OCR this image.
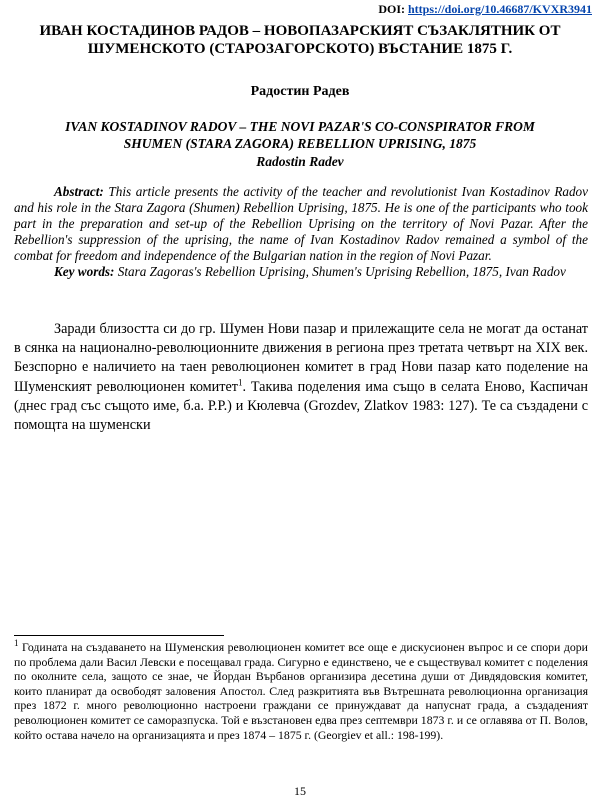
DOI: https://doi.org/10.46687/KVXR3941
ИВАН КОСТАДИНОВ РАДОВ – НОВОПАЗАРСКИЯТ СЪЗАКЛЯТНИК ОТ
ШУМЕНСКОТО (СТАРОЗАГОРСКОТО) ВЪСТАНИЕ 1875 Г.
Радостин Радев
IVAN KOSTADINOV RADOV – THE NOVI PAZAR'S CO-CONSPIRATOR FROM SHUMEN (STARA ZAGORA) REBELLION UPRISING, 1875
Radostin Radev

Abstract: This article presents the activity of the teacher and revolutionist Ivan Kostadinov Radov and his role in the Stara Zagora (Shumen) Rebellion Uprising, 1875. He is one of the participants who took part in the preparation and set-up of the Rebellion Uprising on the territory of Novi Pazar. After the Rebellion's suppression of the uprising, the name of Ivan Kostadinov Radov remained a symbol of the combat for freedom and independence of the Bulgarian nation in the region of Novi Pazar.

Key words: Stara Zagoras's Rebellion Uprising, Shumen's Uprising Rebellion, 1875, Ivan Radov

Заради близостта си до гр. Шумен Нови пазар и прилежащите села не могат да останат в сянка на национално-революционните движения в региона през третата четвърт на XIX век. Безспорно е наличието на таен революционен комитет в град Нови пазар като поделение на Шуменският революционен комитет$^1$. Такива поделения има също в селата Еново, Каспичан (днес град със същото име, б.а. Р.Р.) и Кюлевча (Grozdev, Zlatkov 1983: 127). Те са създадени с помощта на шуменски

$^1$ Годината на създаването на Шуменския революционен комитет все още е дискусионен въпрос и се спори дори по проблема дали Васил Левски е посещавал града. Сигурно е единствено, че е съществувал комитет с поделения по околните села, защото се знае, че Йордан Върбанов организира десетина души от Дивдядовския комитет, които планират да освободят заловения Апостол. След разкритията във Вътрешната революционна организация през 1872 г. много революционно настроени граждани се принуждават да напуснат града, а създаденият революционен комитет се саморазпуска. Той е възстановен едва през септември 1873 г. и се оглавява от П. Волов, който остава начело на организацията и през 1874 – 1875 г. (Georgiev et all.: 198-199).

15
